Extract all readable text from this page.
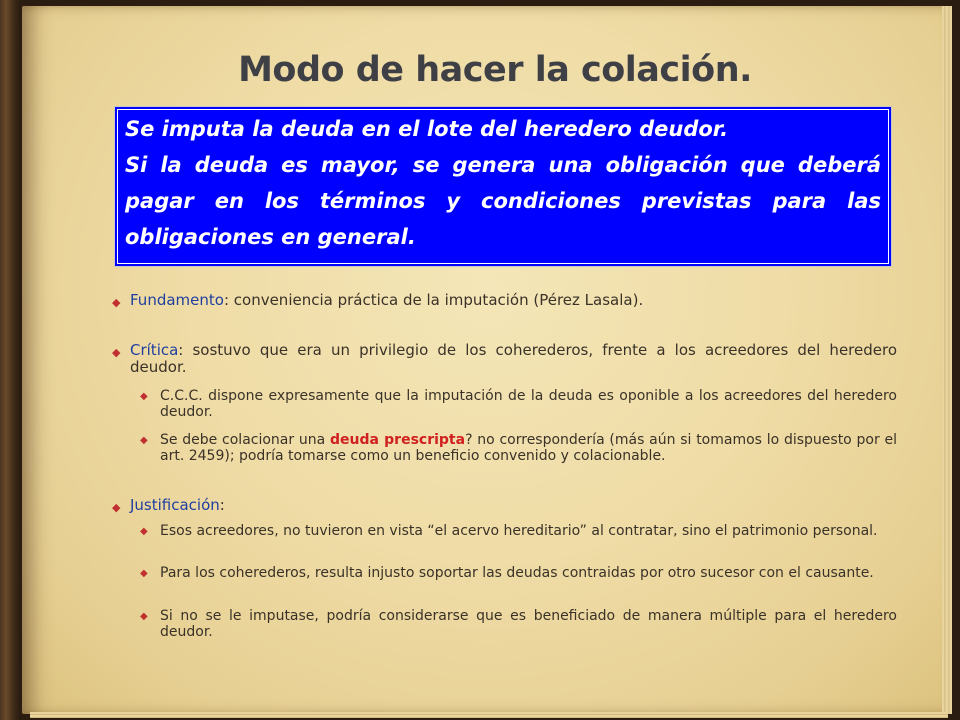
Modo de hacer la colación.

Se imputa la deuda en el lote del heredero deudor.

Si la deuda es mayor, se genera una obligación que deberá pagar en los términos y condiciones previstas para las obligaciones en general.

◆ Fundamento: conveniencia práctica de la imputación (Pérez Lasala).
◆ Crítica: sostuvo que era un privilegio de los coherederos, frente a los acreedores del heredero deudor.
◆ C.C.C. dispone expresamente que la imputación de la deuda es oponible a los acreedores del heredero deudor.
◆ Se debe colacionar una deuda prescripta? no correspondería (más aún si tomamos lo dispuesto por el art. 2459); podría tomarse como un beneficio convenido y colacionable.
◆ Justificación:
◆ Esos acreedores, no tuvieron en vista “el acervo hereditario” al contratar, sino el patrimonio personal.
◆ Para los coherederos, resulta injusto soportar las deudas contraidas por otro sucesor con el causante.
◆ Si no se le imputase, podría considerarse que es beneficiado de manera múltiple para el heredero deudor.
